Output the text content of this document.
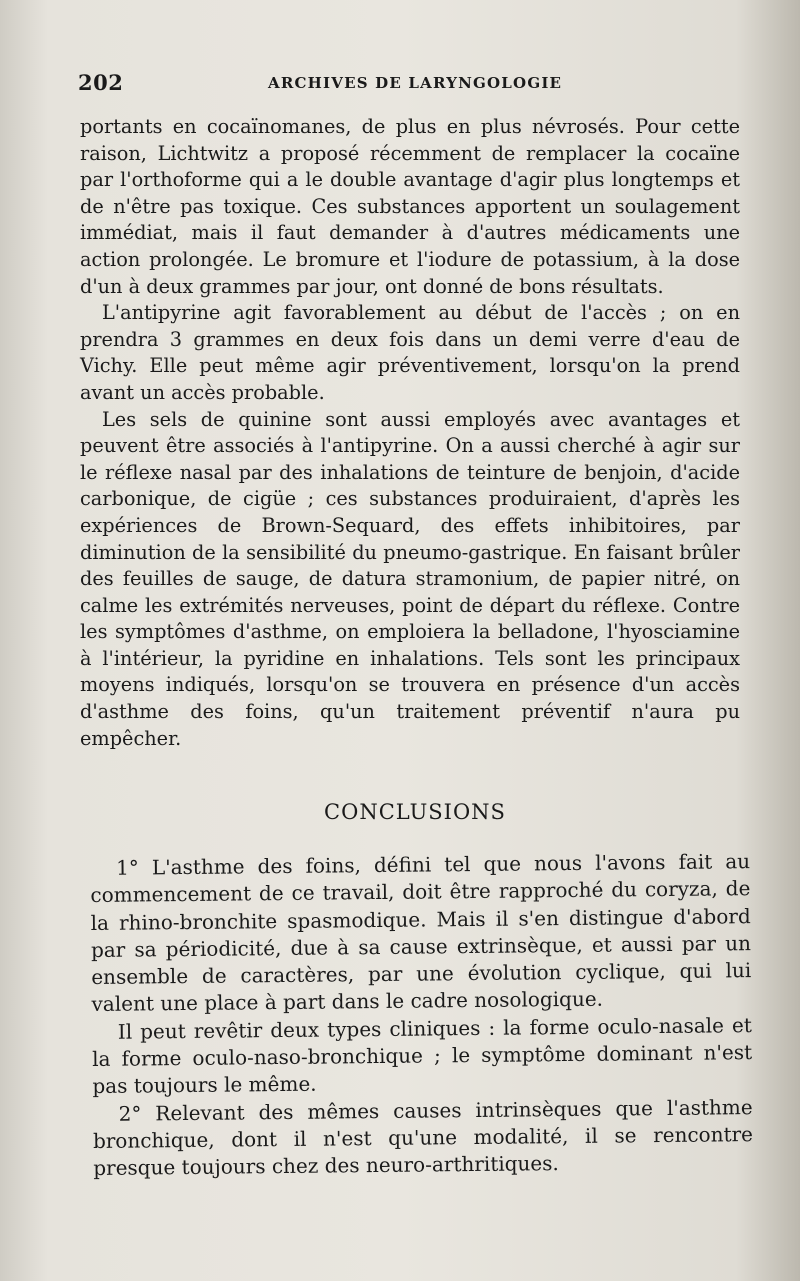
202	ARCHIVES DE LARYNGOLOGIE

portants en cocaïnomanes, de plus en plus névrosés. Pour cette raison, Lichtwitz a proposé récemment de remplacer la cocaïne par l'orthoforme qui a le double avantage d'agir plus longtemps et de n'être pas toxique. Ces substances apportent un soulagement immédiat, mais il faut demander à d'autres médicaments une action prolongée. Le bromure et l'iodure de potassium, à la dose d'un à deux grammes par jour, ont donné de bons résultats.

L'antipyrine agit favorablement au début de l'accès ; on en prendra 3 grammes en deux fois dans un demi verre d'eau de Vichy. Elle peut même agir préventivement, lorsqu'on la prend avant un accès probable.

Les sels de quinine sont aussi employés avec avantages et peuvent être associés à l'antipyrine. On a aussi cherché à agir sur le réflexe nasal par des inhalations de teinture de benjoin, d'acide carbonique, de cigüe ; ces substances produiraient, d'après les expériences de Brown-Sequard, des effets inhibitoires, par diminution de la sensibilité du pneumo-gastrique. En faisant brûler des feuilles de sauge, de datura stramonium, de papier nitré, on calme les extrémités nerveuses, point de départ du réflexe. Contre les symptômes d'asthme, on emploiera la belladone, l'hyosciamine à l'intérieur, la pyridine en inhalations. Tels sont les principaux moyens indiqués, lorsqu'on se trouvera en présence d'un accès d'asthme des foins, qu'un traitement préventif n'aura pu empêcher.

CONCLUSIONS

1° L'asthme des foins, défini tel que nous l'avons fait au commencement de ce travail, doit être rapproché du coryza, de la rhino-bronchite spasmodique. Mais il s'en distingue d'abord par sa périodicité, due à sa cause extrinsèque, et aussi par un ensemble de caractères, par une évolution cyclique, qui lui valent une place à part dans le cadre nosologique.

Il peut revêtir deux types cliniques : la forme oculo-nasale et la forme oculo-naso-bronchique ; le symptôme dominant n'est pas toujours le même.

2° Relevant des mêmes causes intrinsèques que l'asthme bronchique, dont il n'est qu'une modalité, il se rencontre presque toujours chez des neuro-arthritiques.
